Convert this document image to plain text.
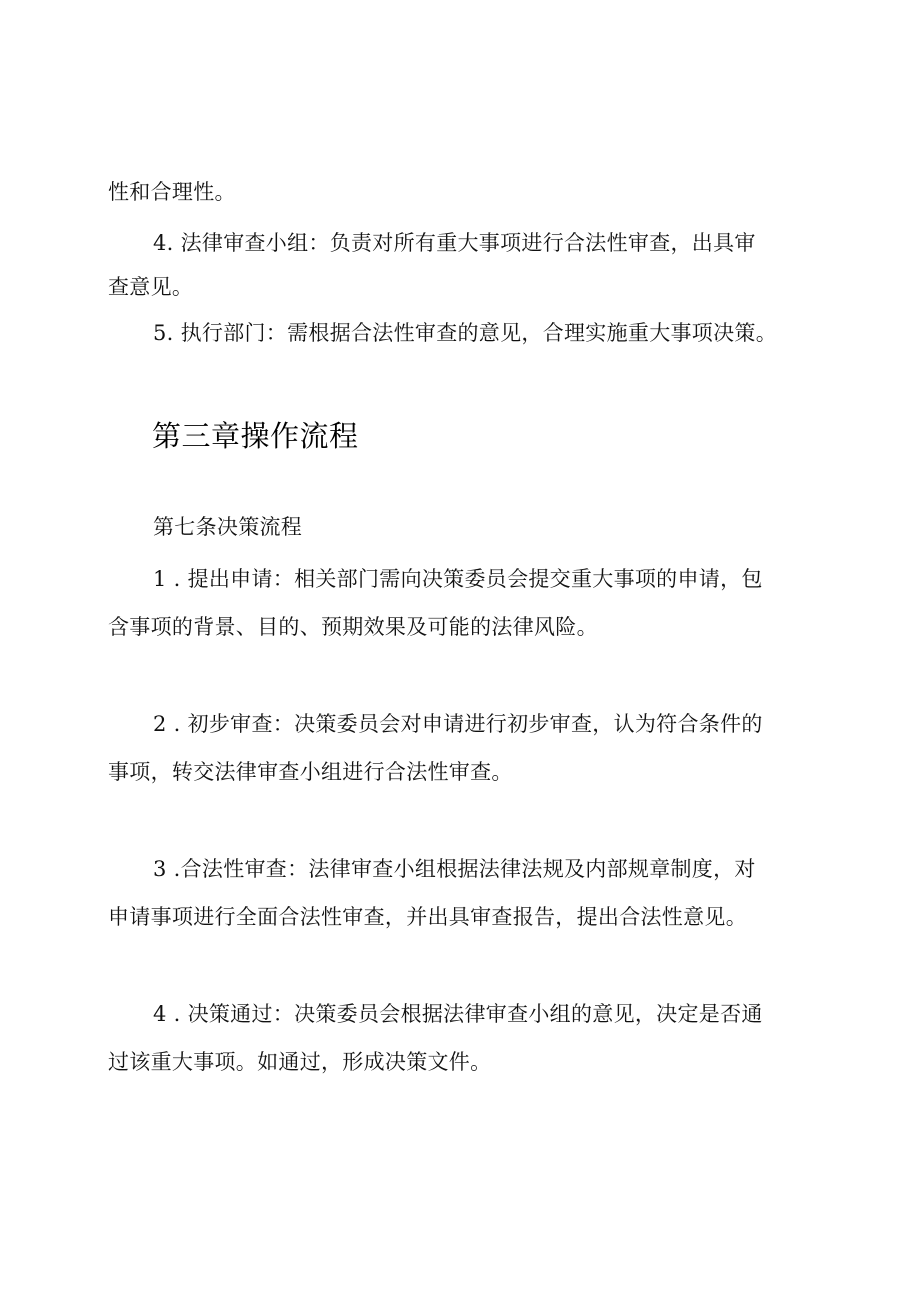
性和合理性。
4. 法律审查小组：负责对所有重大事项进行合法性审查，出具审
查意见。
5. 执行部门：需根据合法性审查的意见，合理实施重大事项决策。
第三章操作流程
第七条决策流程
1 . 提出申请：相关部门需向决策委员会提交重大事项的申请，包
含事项的背景、目的、预期效果及可能的法律风险。
2 . 初步审查：决策委员会对申请进行初步审查，认为符合条件的
事项，转交法律审查小组进行合法性审查。
3 .合法性审查：法律审查小组根据法律法规及内部规章制度，对
申请事项进行全面合法性审查，并出具审查报告，提出合法性意见。
4 . 决策通过：决策委员会根据法律审查小组的意见，决定是否通
过该重大事项。如通过，形成决策文件。
